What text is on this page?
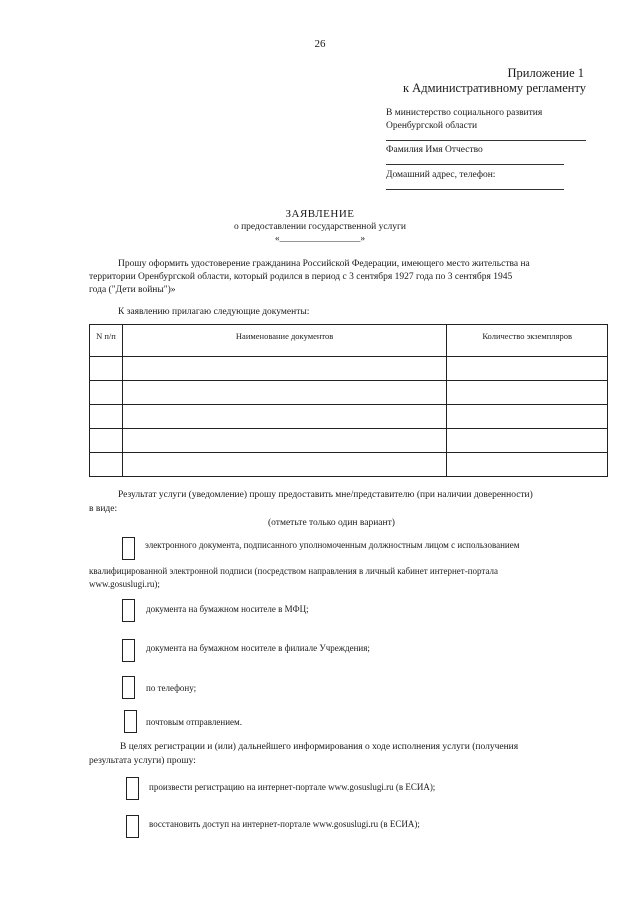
26
Приложение 1
к Административному регламенту
В министерство социального развития
Оренбургской области
Фамилия Имя Отчество
Домашний адрес, телефон:
ЗАЯВЛЕНИЕ
о предоставлении государственной услуги
«_________________»
Прошу оформить удостоверение гражданина Российской Федерации, имеющего место жительства на
территории Оренбургской области, который родился в период с 3 сентября 1927 года по 3 сентября 1945
года ("Дети войны")»
К заявлению прилагаю следующие документы:
N п/п	Наименование документов	Количество экземпляров

Результат услуги (уведомление) прошу предоставить мне/представителю (при наличии доверенности)
в виде:
(отметьте только один вариант)
электронного документа, подписанного уполномоченным должностным лицом с использованием
квалифицированной электронной подписи (посредством направления в личный кабинет интернет-портала
www.gosuslugi.ru);
документа на бумажном носителе в МФЦ;
документа на бумажном носителе в филиале Учреждения;
по телефону;
почтовым отправлением.
В целях регистрации и (или) дальнейшего информирования о ходе исполнения услуги (получения
результата услуги) прошу:
произвести регистрацию на интернет-портале www.gosuslugi.ru (в ЕСИА);
восстановить доступ на интернет-портале www.gosuslugi.ru (в ЕСИА);
